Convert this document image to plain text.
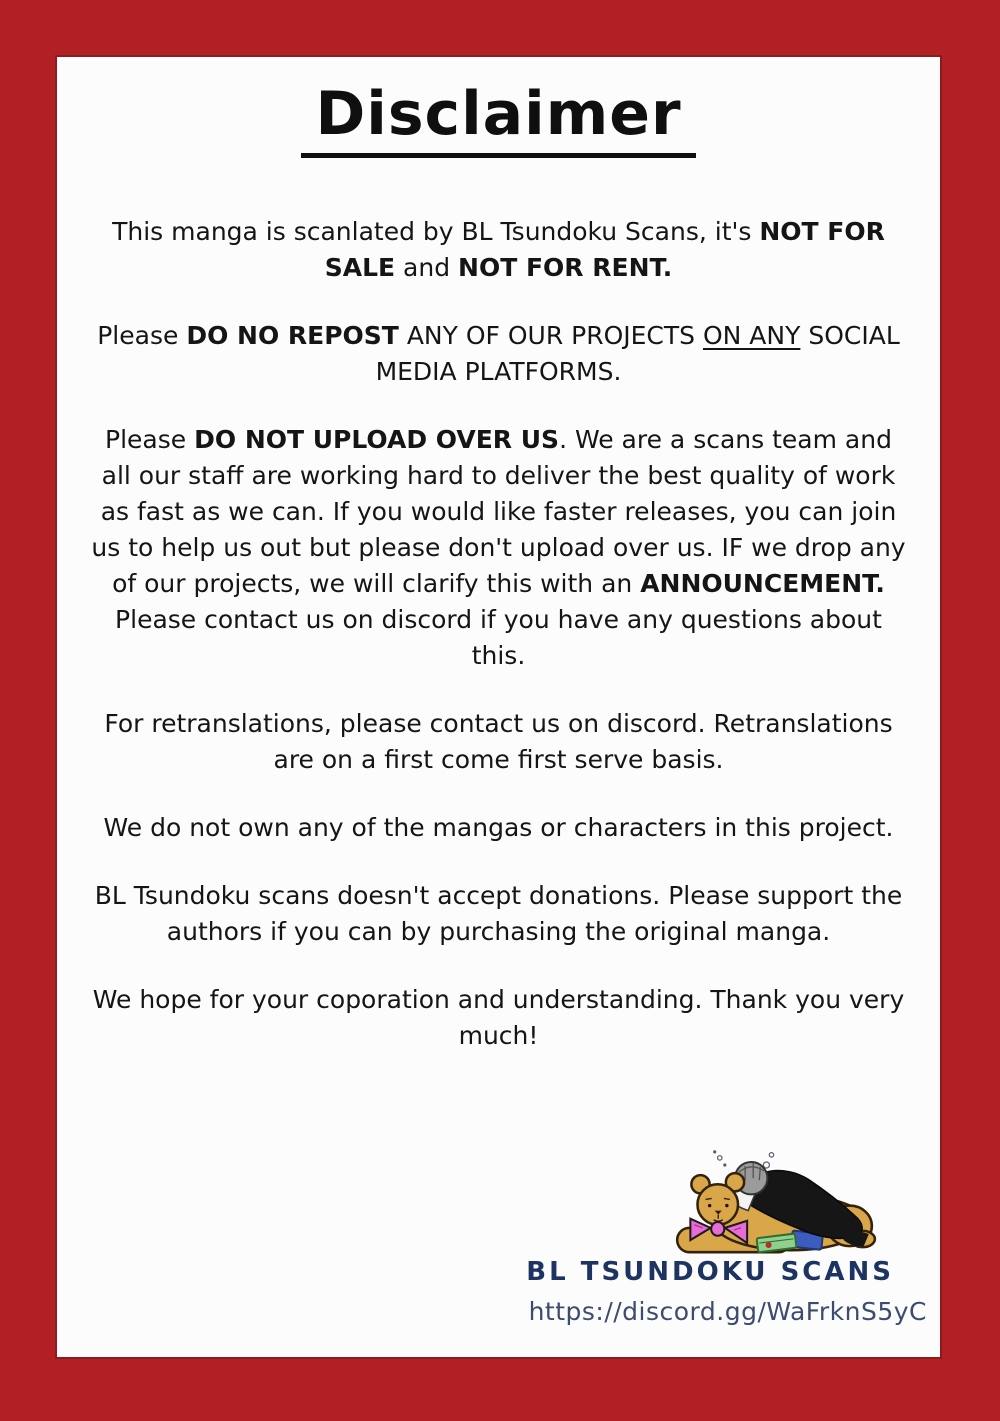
Disclaimer

This manga is scanlated by BL Tsundoku Scans, it's NOT FOR SALE and NOT FOR RENT.

Please DO NO REPOST ANY OF OUR PROJECTS ON ANY SOCIAL MEDIA PLATFORMS.

Please DO NOT UPLOAD OVER US. We are a scans team and all our staff are working hard to deliver the best quality of work as fast as we can. If you would like faster releases, you can join us to help us out but please don't upload over us. IF we drop any of our projects, we will clarify this with an ANNOUNCEMENT. Please contact us on discord if you have any questions about this.

For retranslations, please contact us on discord. Retranslations are on a first come first serve basis.

We do not own any of the mangas or characters in this project.

BL Tsundoku scans doesn't accept donations. Please support the authors if you can by purchasing the original manga.

We hope for your coporation and understanding. Thank you very much!

BL TSUNDOKU SCANS
https://discord.gg/WaFrknS5yC
